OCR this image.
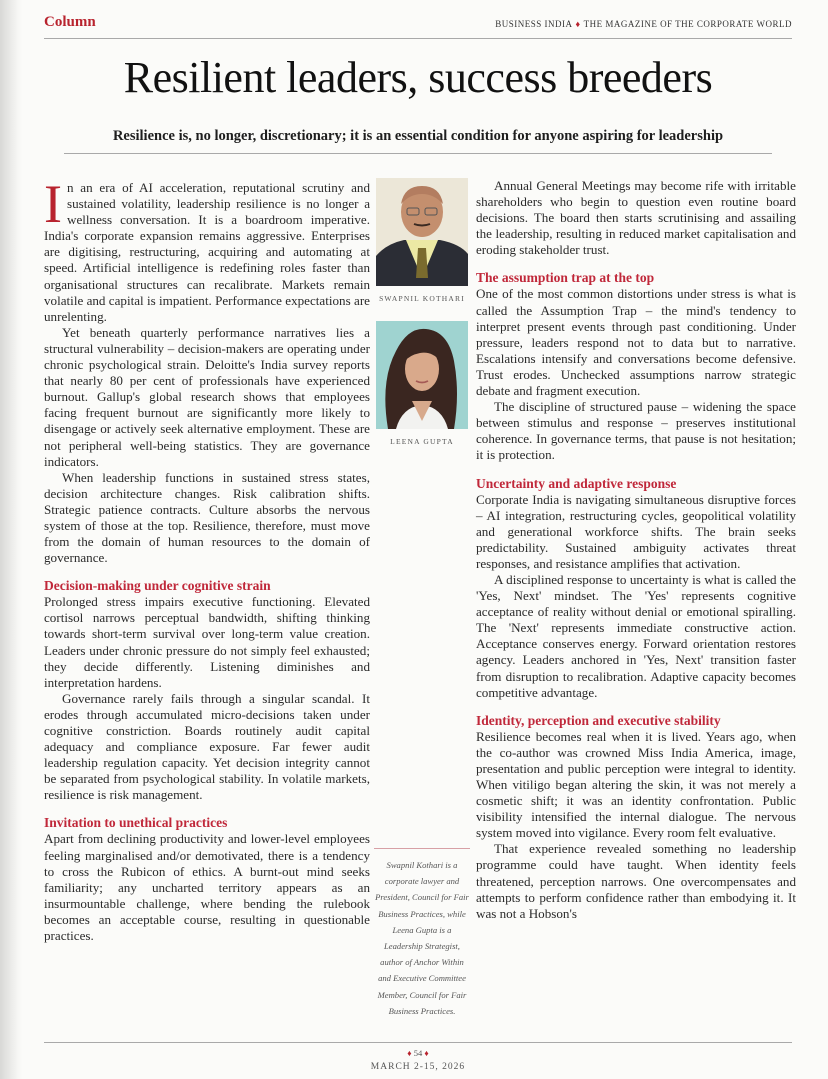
Column	BUSINESS INDIA ♦ THE MAGAZINE OF THE CORPORATE WORLD
Resilient leaders, success breeders
Resilience is, no longer, discretionary; it is an essential condition for anyone aspiring for leadership

In an era of AI acceleration, reputational scrutiny and sustained volatility, leadership resilience is no longer a wellness conversation. It is a boardroom imperative. India's corporate expansion remains aggressive. Enterprises are digitising, restructuring, acquiring and automating at speed. Artificial intelligence is redefining roles faster than organisational structures can recalibrate. Markets remain volatile and capital is impatient. Performance expectations are unrelenting.

Yet beneath quarterly performance narratives lies a structural vulnerability – decision-makers are operating under chronic psychological strain. Deloitte's India survey reports that nearly 80 per cent of professionals have experienced burnout. Gallup's global research shows that employees facing frequent burnout are significantly more likely to disengage or actively seek alternative employment. These are not peripheral well-being statistics. They are governance indicators.

When leadership functions in sustained stress states, decision architecture changes. Risk calibration shifts. Strategic patience contracts. Culture absorbs the nervous system of those at the top. Resilience, therefore, must move from the domain of human resources to the domain of governance.

Decision-making under cognitive strain

Prolonged stress impairs executive functioning. Elevated cortisol narrows perceptual bandwidth, shifting thinking towards short-term survival over long-term value creation. Leaders under chronic pressure do not simply feel exhausted; they decide differently. Listening diminishes and interpretation hardens.

Governance rarely fails through a singular scandal. It erodes through accumulated micro-decisions taken under cognitive constriction. Boards routinely audit capital adequacy and compliance exposure. Far fewer audit leadership regulation capacity. Yet decision integrity cannot be separated from psychological stability. In volatile markets, resilience is risk management.

Invitation to unethical practices

Apart from declining productivity and lower-level employees feeling marginalised and/or demotivated, there is a tendency to cross the Rubicon of ethics. A burnt-out mind seeks familiarity; any uncharted territory appears as an insurmountable challenge, where bending the rulebook becomes an acceptable course, resulting in questionable practices.

SWAPNIL KOTHARI
LEENA GUPTA
Swapnil Kothari is a corporate lawyer and President, Council for Fair Business Practices, while Leena Gupta is a Leadership Strategist, author of Anchor Within and Executive Committee Member, Council for Fair Business Practices.

Annual General Meetings may become rife with irritable shareholders who begin to question even routine board decisions. The board then starts scrutinising and assailing the leadership, resulting in reduced market capitalisation and eroding stakeholder trust.

The assumption trap at the top

One of the most common distortions under stress is what is called the Assumption Trap – the mind's tendency to interpret present events through past conditioning. Under pressure, leaders respond not to data but to narrative. Escalations intensify and conversations become defensive. Trust erodes. Unchecked assumptions narrow strategic debate and fragment execution.

The discipline of structured pause – widening the space between stimulus and response – preserves institutional coherence. In governance terms, that pause is not hesitation; it is protection.

Uncertainty and adaptive response

Corporate India is navigating simultaneous disruptive forces – AI integration, restructuring cycles, geopolitical volatility and generational workforce shifts. The brain seeks predictability. Sustained ambiguity activates threat responses, and resistance amplifies that activation.

A disciplined response to uncertainty is what is called the 'Yes, Next' mindset. The 'Yes' represents cognitive acceptance of reality without denial or emotional spiralling. The 'Next' represents immediate constructive action. Acceptance conserves energy. Forward orientation restores agency. Leaders anchored in 'Yes, Next' transition faster from disruption to recalibration. Adaptive capacity becomes competitive advantage.

Identity, perception and executive stability

Resilience becomes real when it is lived. Years ago, when the co-author was crowned Miss India America, image, presentation and public perception were integral to identity. When vitiligo began altering the skin, it was not merely a cosmetic shift; it was an identity confrontation. Public visibility intensified the internal dialogue. The nervous system moved into vigilance. Every room felt evaluative.

That experience revealed something no leadership programme could have taught. When identity feels threatened, perception narrows. One overcompensates and attempts to perform confidence rather than embodying it. It was not a Hobson's

♦ 54 ♦
MARCH 2-15, 2026
